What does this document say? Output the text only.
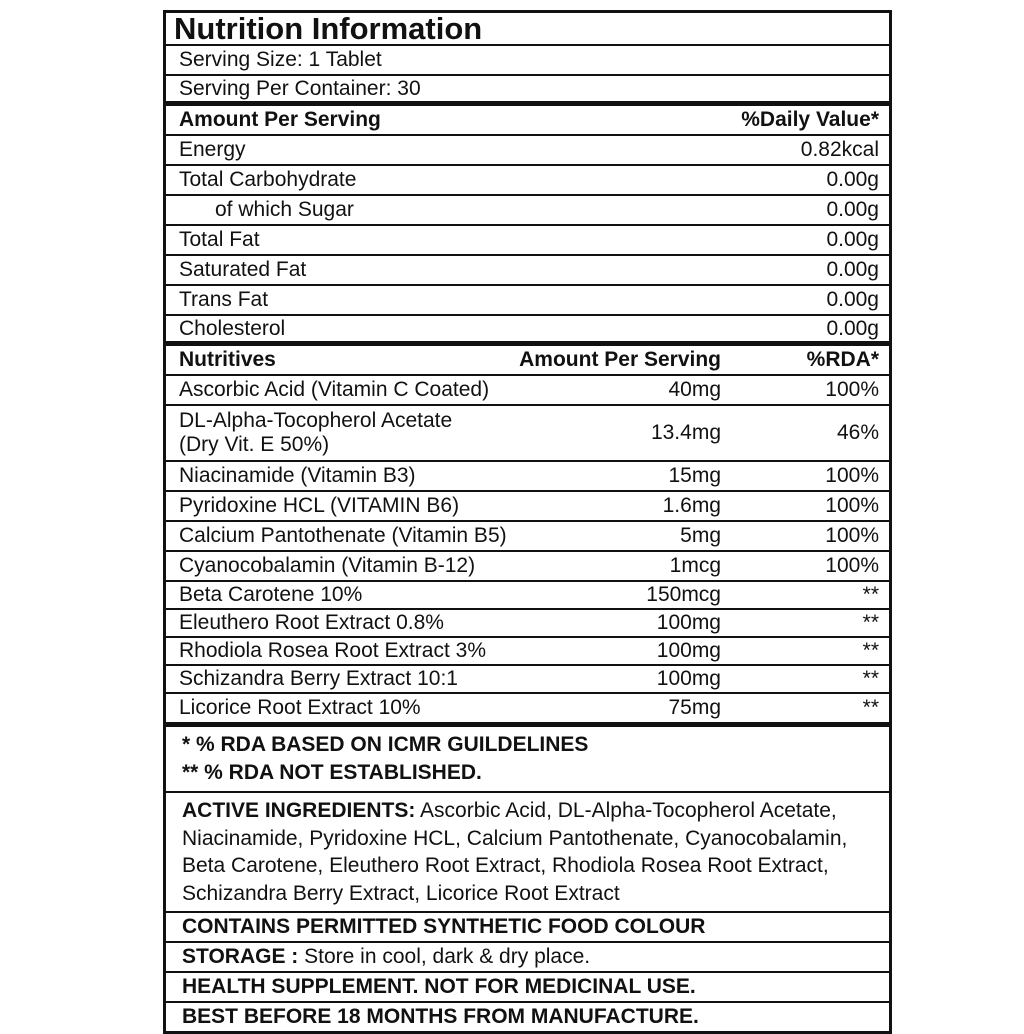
Nutrition Information
Serving Size: 1 Tablet
Serving Per Container: 30
Amount Per Serving	%Daily Value*
Energy	0.82kcal
Total Carbohydrate	0.00g
of which Sugar	0.00g
Total Fat	0.00g
Saturated Fat	0.00g
Trans Fat	0.00g
Cholesterol	0.00g
Nutritives	Amount Per Serving	%RDA*
Ascorbic Acid (Vitamin C Coated)	40mg	100%
DL-Alpha-Tocopherol Acetate
(Dry Vit. E 50%)
13.4mg	46%
Niacinamide (Vitamin B3)	15mg	100%
Pyridoxine HCL (VITAMIN B6)	1.6mg	100%
Calcium Pantothenate (Vitamin B5)	5mg	100%
Cyanocobalamin (Vitamin B-12)	1mcg	100%
Beta Carotene 10%	150mcg	**
Eleuthero Root Extract 0.8%	100mg	**
Rhodiola Rosea Root Extract 3%	100mg	**
Schizandra Berry Extract 10:1	100mg	**
Licorice Root Extract 10%	75mg	**
* % RDA BASED ON ICMR GUILDELINES
** % RDA NOT ESTABLISHED.
ACTIVE INGREDIENTS: Ascorbic Acid, DL-Alpha-Tocopherol Acetate, Niacinamide, Pyridoxine HCL, Calcium Pantothenate, Cyanocobalamin, Beta Carotene, Eleuthero Root Extract, Rhodiola Rosea Root Extract, Schizandra Berry Extract, Licorice Root Extract
CONTAINS PERMITTED SYNTHETIC FOOD COLOUR
STORAGE : Store in cool, dark & dry place.
HEALTH SUPPLEMENT. NOT FOR MEDICINAL USE.
BEST BEFORE 18 MONTHS FROM MANUFACTURE.
